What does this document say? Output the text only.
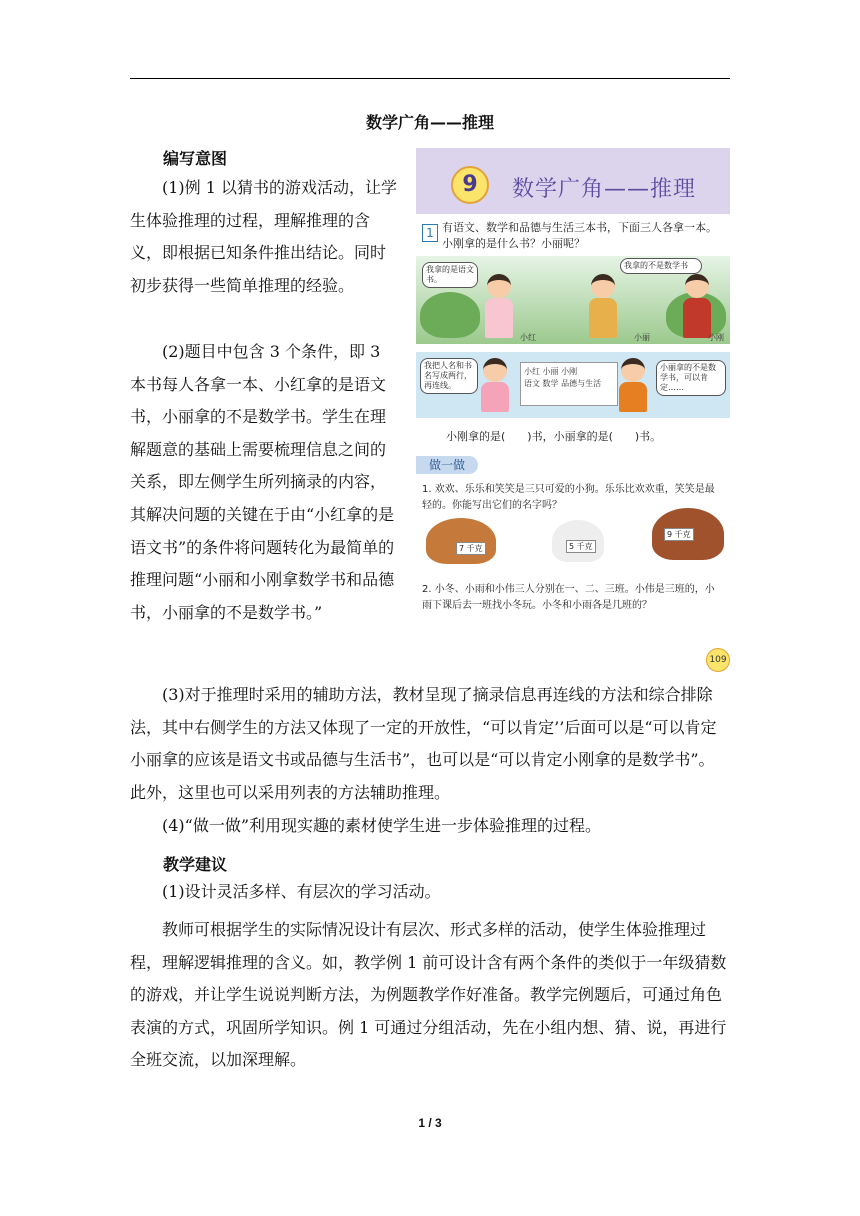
数学广角——推理
编写意图

(1)例 1 以猜书的游戏活动，让学生体验推理的过程，理解推理的含义，即根据已知条件推出结论。同时初步获得一些简单推理的经验。

(2)题目中包含 3 个条件，即 3 本书每人各拿一本、小红拿的是语文书，小丽拿的不是数学书。学生在理解题意的基础上需要梳理信息之间的关系，即左侧学生所列摘录的内容，其解决问题的关键在于由“小红拿的是语文书”的条件将问题转化为最简单的推理问题“小丽和小刚拿数学书和品德书，小丽拿的不是数学书。”

(3)对于推理时采用的辅助方法，教材呈现了摘录信息再连线的方法和综合排除法，其中右侧学生的方法又体现了一定的开放性，“可以肯定’’后面可以是“可以肯定小丽拿的应该是语文书或品德与生活书”，也可以是“可以肯定小刚拿的是数学书”。此外，这里也可以采用列表的方法辅助推理。

(4)“做一做”利用现实趣的素材使学生进一步体验推理的过程。

教学建议

(1)设计灵活多样、有层次的学习活动。

教师可根据学生的实际情况设计有层次、形式多样的活动，使学生体验推理过程，理解逻辑推理的含义。如，教学例 1 前可设计含有两个条件的类似于一年级猜数的游戏，并让学生说说判断方法，为例题教学作好准备。教学完例题后，可通过角色表演的方式，巩固所学知识。例 1 可通过分组活动，先在小组内想、猜、说，再进行全班交流，以加深理解。

9	数学广角——推理
1 有语文、数学和品德与生活三本书，下面三人各拿一本。小刚拿的是什么书？小丽呢？
我拿的是语文书。
我拿的不是数学书
小红	小丽	小刚
我把人名和书名写成两行，再连线。
小红 小丽 小刚
语文 数学 品德与生活
小丽拿的不是数学书，可以肯定……
小刚拿的是(　　)书，小丽拿的是(　　)书。
做一做
1. 欢欢、乐乐和笑笑是三只可爱的小狗。乐乐比欢欢重，笑笑是最轻的。你能写出它们的名字吗？
7 千克	5 千克
9 千克
2. 小冬、小雨和小伟三人分别在一、二、三班。小伟是三班的，小雨下课后去一班找小冬玩。小冬和小雨各是几班的？
109
1 / 3
